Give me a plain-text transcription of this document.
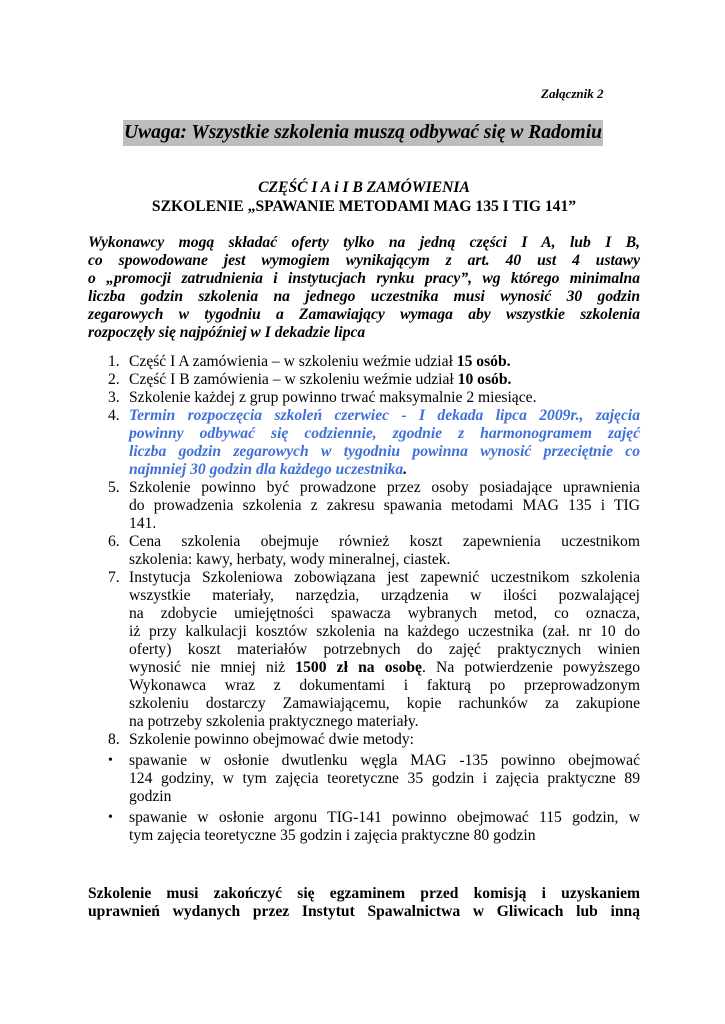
Załącznik 2
Uwaga: Wszystkie szkolenia muszą odbywać się w Radomiu
CZĘŚĆ I A i I B ZAMÓWIENIA
SZKOLENIE „SPAWANIE METODAMI MAG 135 I TIG 141”
Wykonawcy mogą składać oferty tylko na jedną części I A, lub I B,
co spowodowane jest wymogiem wynikającym z art. 40 ust 4 ustawy
o „promocji zatrudnienia i instytucjach rynku pracy”, wg którego minimalna
liczba godzin szkolenia na jednego uczestnika musi wynosić 30 godzin
zegarowych w tygodniu a Zamawiający wymaga aby wszystkie szkolenia
rozpoczęły się najpóźniej w I dekadzie lipca
1. Część I A zamówienia – w szkoleniu weźmie udział 15 osób.
2. Część I B zamówienia – w szkoleniu weźmie udział 10 osób.
3. Szkolenie każdej z grup powinno trwać maksymalnie 2 miesiące.
4. Termin rozpoczęcia szkoleń czerwiec - I dekada lipca 2009r., zajęcia
powinny odbywać się codziennie, zgodnie z harmonogramem zajęć
liczba godzin zegarowych w tygodniu powinna wynosić przeciętnie co
najmniej 30 godzin dla każdego uczestnika.
5. Szkolenie powinno być prowadzone przez osoby posiadające uprawnienia
do prowadzenia szkolenia z zakresu spawania metodami MAG 135 i TIG
141.
6. Cena szkolenia obejmuje również koszt zapewnienia uczestnikom
szkolenia: kawy, herbaty, wody mineralnej, ciastek.
7. Instytucja Szkoleniowa zobowiązana jest zapewnić uczestnikom szkolenia
wszystkie materiały, narzędzia, urządzenia w ilości pozwalającej
na zdobycie umiejętności spawacza wybranych metod, co oznacza,
iż przy kalkulacji kosztów szkolenia na każdego uczestnika (zał. nr 10 do
oferty) koszt materiałów potrzebnych do zajęć praktycznych winien
wynosić nie mniej niż 1500 zł na osobę. Na potwierdzenie powyższego
Wykonawca wraz z dokumentami i fakturą po przeprowadzonym
szkoleniu dostarczy Zamawiającemu, kopie rachunków za zakupione
na potrzeby szkolenia praktycznego materiały.
8. Szkolenie powinno obejmować dwie metody:
• spawanie w osłonie dwutlenku węgla MAG -135 powinno obejmować
124 godziny, w tym zajęcia teoretyczne 35 godzin i zajęcia praktyczne 89
godzin
• spawanie w osłonie argonu TIG-141 powinno obejmować 115 godzin, w
tym zajęcia teoretyczne 35 godzin i zajęcia praktyczne 80 godzin
Szkolenie musi zakończyć się egzaminem przed komisją i uzyskaniem
uprawnień wydanych przez Instytut Spawalnictwa w Gliwicach lub inną
